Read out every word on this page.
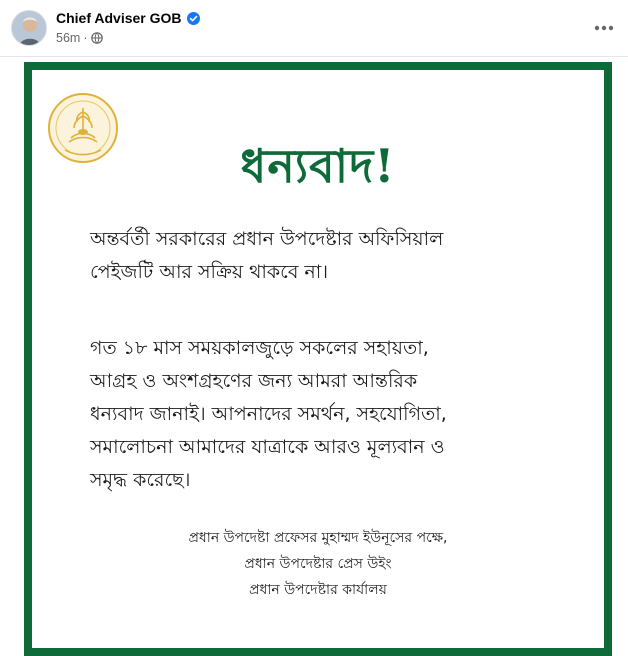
Chief Adviser GOB
56m ·
ধন্যবাদ!
অন্তর্বর্তী সরকারের প্রধান উপদেষ্টার অফিসিয়াল
পেইজটি আর সক্রিয় থাকবে না।
গত ১৮ মাস সময়কালজুড়ে সকলের সহায়তা,
আগ্রহ ও অংশগ্রহণের জন্য আমরা আন্তরিক
ধন্যবাদ জানাই। আপনাদের সমর্থন, সহযোগিতা,
সমালোচনা আমাদের যাত্রাকে আরও মূল্যবান ও
সমৃদ্ধ করেছে।
প্রধান উপদেষ্টা প্রফেসর মুহাম্মদ ইউনূসের পক্ষে,
প্রধান উপদেষ্টার প্রেস উইং
প্রধান উপদেষ্টার কার্যালয়
